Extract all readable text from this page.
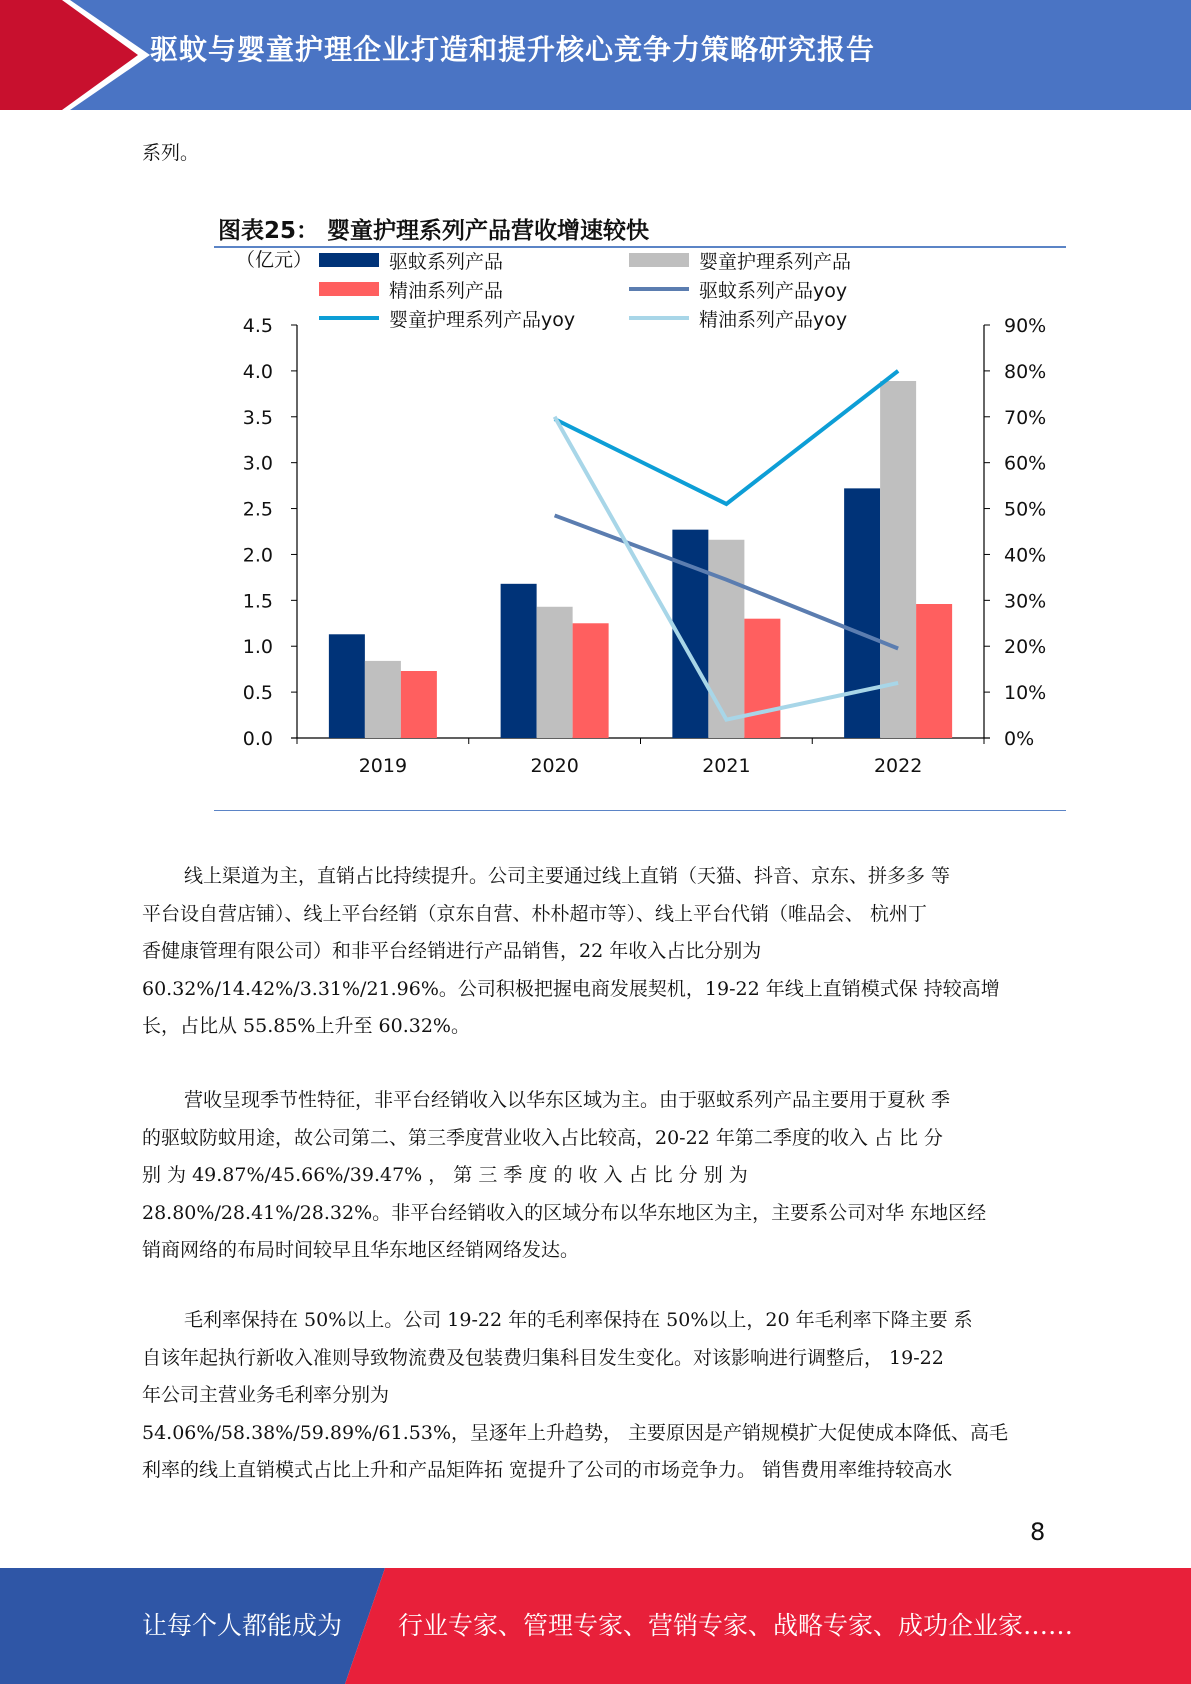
驱蚊与婴童护理企业打造和提升核心竞争力策略研究报告
系列。
图表25： 婴童护理系列产品营收增速较快
4.5
4.0
3.5
3.0
2.5
2.0
1.5
1.0
0.5
0.0
90%
80%
70%
60%
50%
40%
30%
20%
10%
0%
2019	2020	2021	2022
（亿元）	驱蚊系列产品	婴童护理系列产品
精油系列产品	驱蚊系列产品yoy
婴童护理系列产品yoy	精油系列产品yoy

线上渠道为主，直销占比持续提升。公司主要通过线上直销（天猫、抖音、京东、拼多多 等

平台设自营店铺）、线上平台经销（京东自营、朴朴超市等）、线上平台代销（唯品会、 杭州丁

香健康管理有限公司）和非平台经销进行产品销售，22 年收入占比分别为

60.32%/14.42%/3.31%/21.96%。公司积极把握电商发展契机，19-22 年线上直销模式保 持较高增

长，占比从 55.85%上升至 60.32%。

营收呈现季节性特征，非平台经销收入以华东区域为主。由于驱蚊系列产品主要用于夏秋 季

的驱蚊防蚊用途，故公司第二、第三季度营业收入占比较高，20-22 年第二季度的收入 占 比 分

别 为 49.87%/45.66%/39.47% ， 第 三 季 度 的 收 入 占 比 分 别 为

28.80%/28.41%/28.32%。非平台经销收入的区域分布以华东地区为主，主要系公司对华 东地区经

销商网络的布局时间较早且华东地区经销网络发达。

毛利率保持在 50%以上。公司 19-22 年的毛利率保持在 50%以上，20 年毛利率下降主要 系

自该年起执行新收入准则导致物流费及包装费归集科目发生变化。对该影响进行调整后， 19-22

年公司主营业务毛利率分别为

54.06%/58.38%/59.89%/61.53%，呈逐年上升趋势， 主要原因是产销规模扩大促使成本降低、高毛

利率的线上直销模式占比上升和产品矩阵拓 宽提升了公司的市场竞争力。 销售费用率维持较高水

8
让每个人都能成为 行业专家、管理专家、营销专家、战略专家、成功企业家……
